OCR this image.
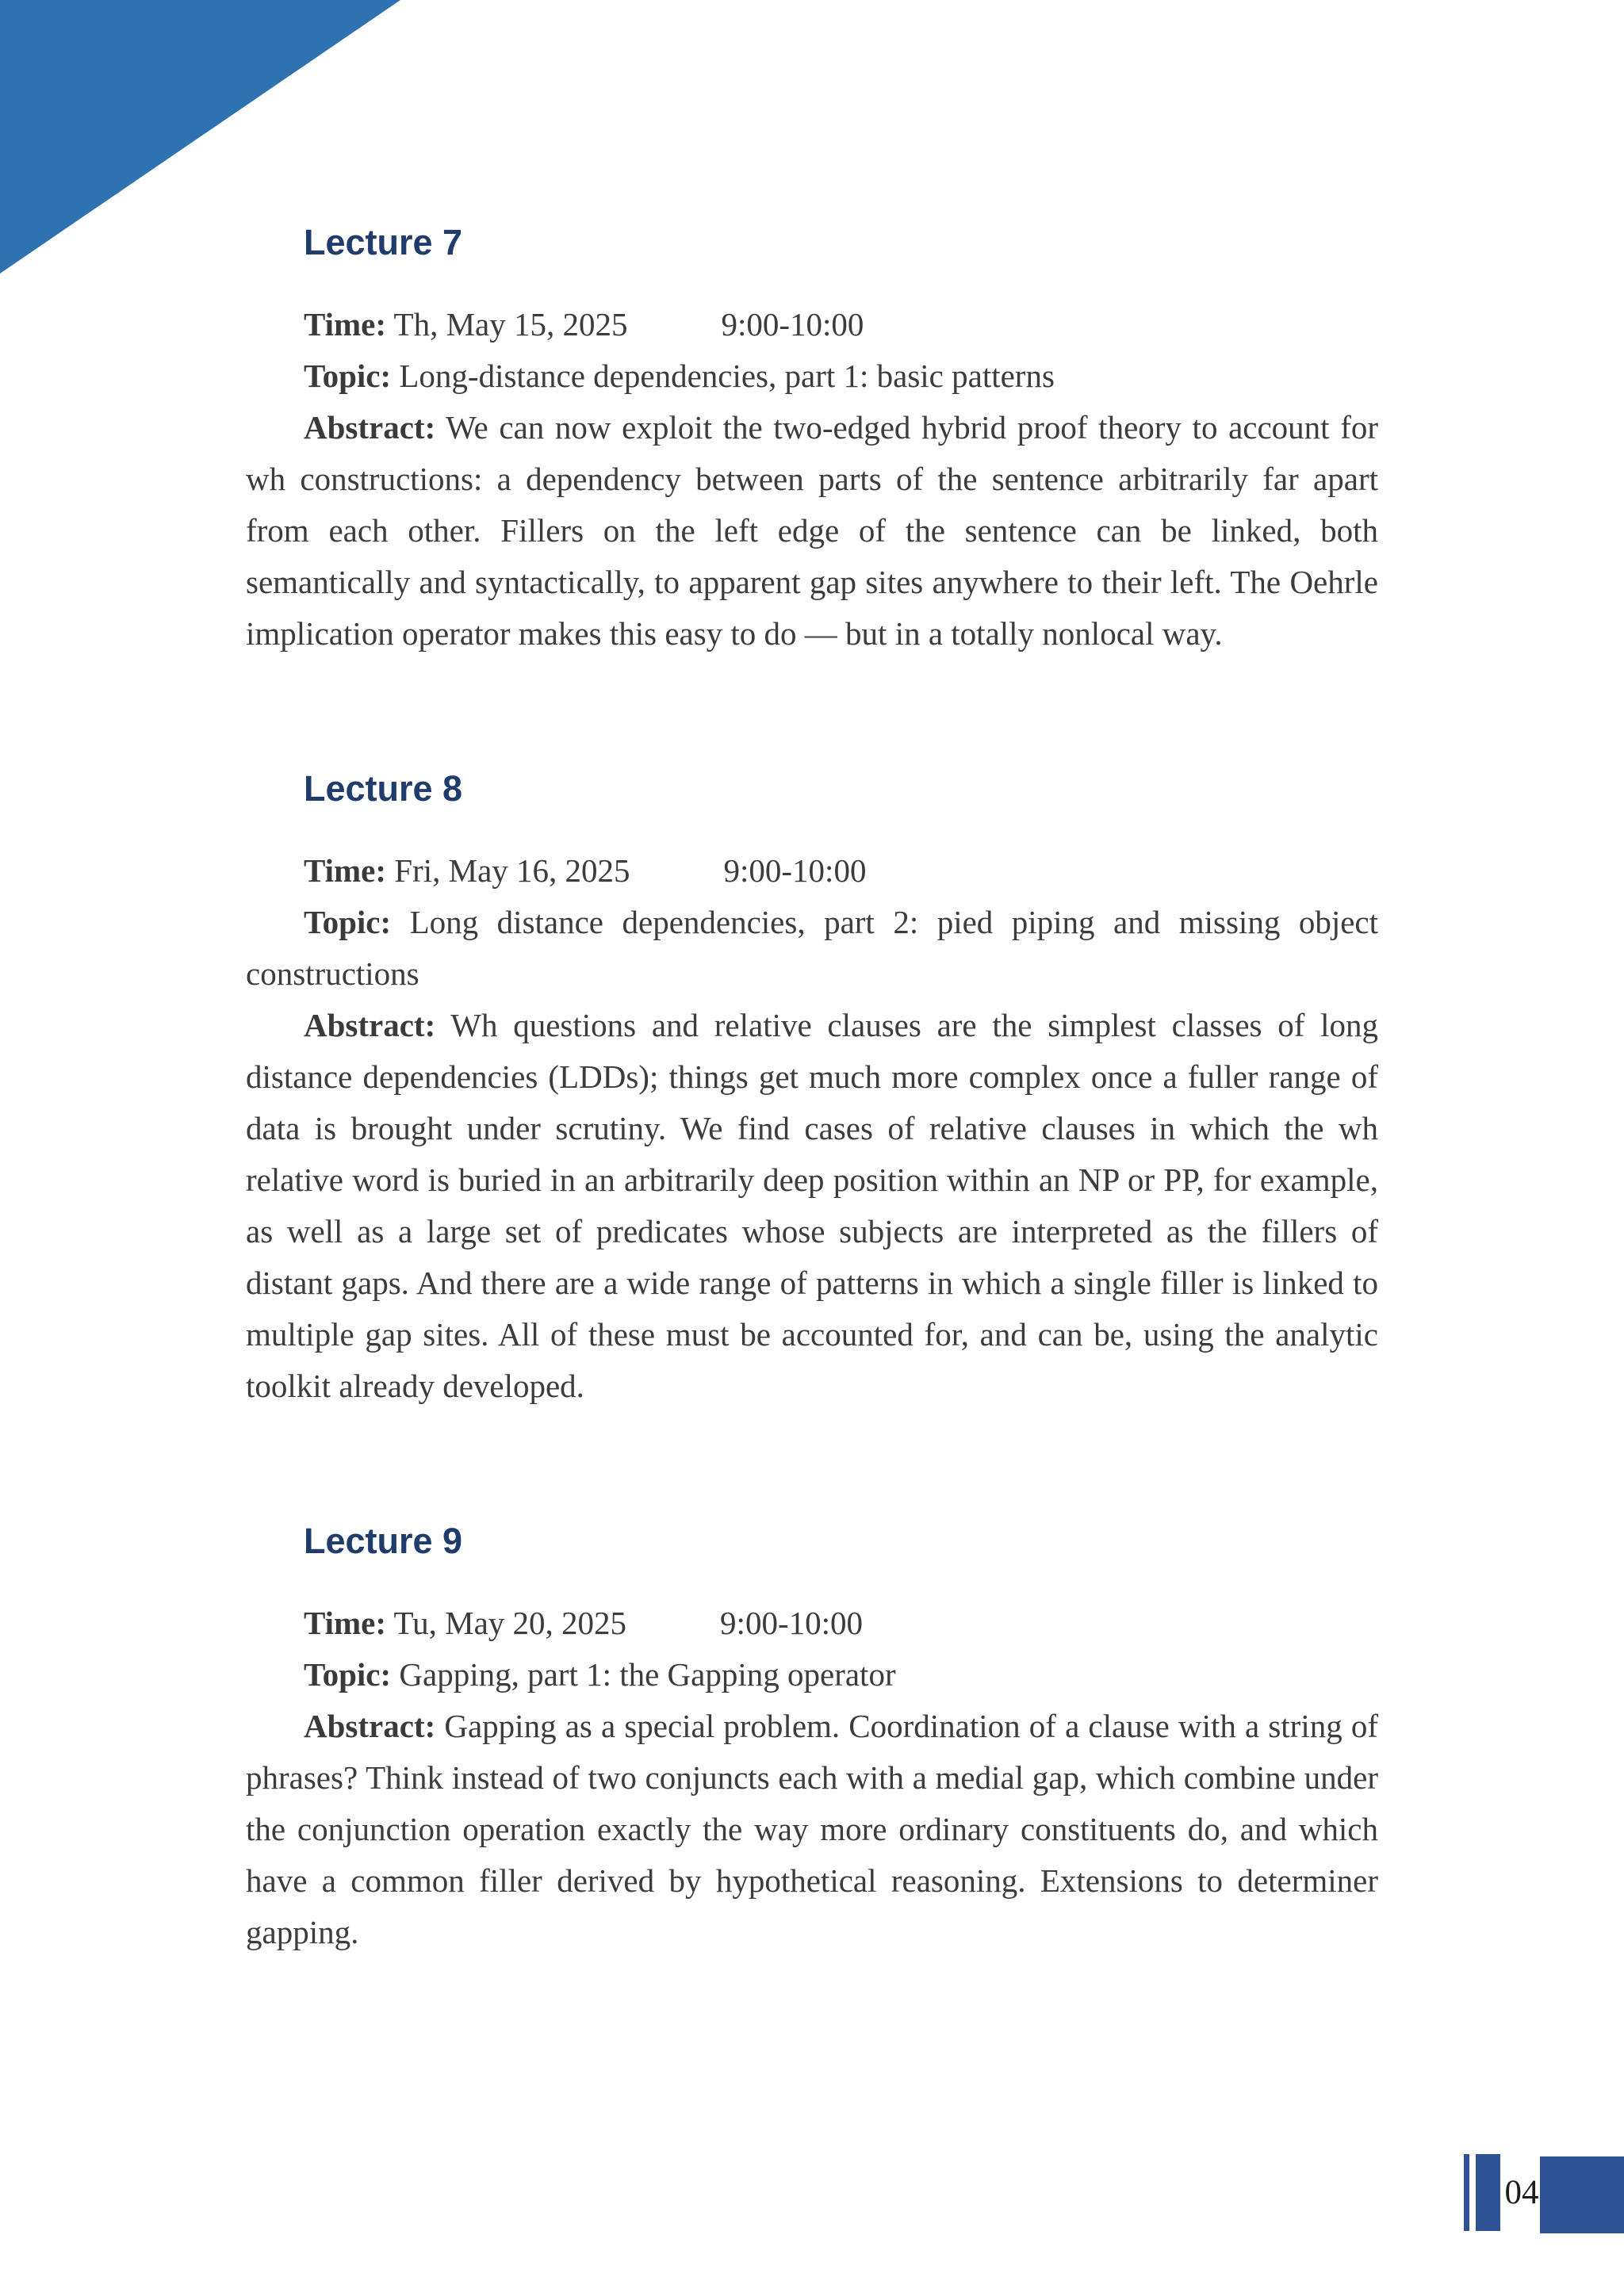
Lecture 7

Time: Th, May 15, 2025	9:00-10:00

Topic: Long-distance dependencies, part 1: basic patterns

Abstract: We can now exploit the two-edged hybrid proof theory to account for wh constructions: a dependency between parts of the sentence arbitrarily far apart from each other. Fillers on the left edge of the sentence can be linked, both semantically and syntactically, to apparent gap sites anywhere to their left. The Oehrle implication operator makes this easy to do — but in a totally nonlocal way.

Lecture 8

Time: Fri, May 16, 2025	9:00-10:00

Topic: Long distance dependencies, part 2: pied piping and missing object constructions

Abstract: Wh questions and relative clauses are the simplest classes of long distance dependencies (LDDs); things get much more complex once a fuller range of data is brought under scrutiny. We find cases of relative clauses in which the wh relative word is buried in an arbitrarily deep position within an NP or PP, for example, as well as a large set of predicates whose subjects are interpreted as the fillers of distant gaps. And there are a wide range of patterns in which a single filler is linked to multiple gap sites. All of these must be accounted for, and can be, using the analytic toolkit already developed.

Lecture 9

Time: Tu, May 20, 2025	9:00-10:00

Topic: Gapping, part 1: the Gapping operator

Abstract: Gapping as a special problem. Coordination of a clause with a string of phrases? Think instead of two conjuncts each with a medial gap, which combine under the conjunction operation exactly the way more ordinary constituents do, and which have a common filler derived by hypothetical reasoning. Extensions to determiner gapping.

04
